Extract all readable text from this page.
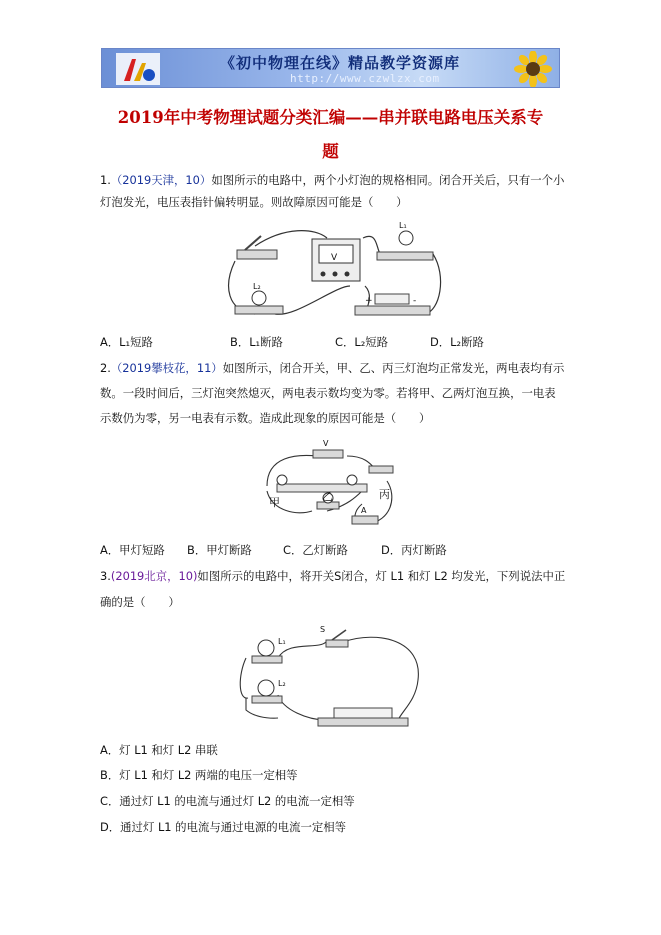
《初中物理在线》精品教学资源库
http://www.czwlzx.com
2019年中考物理试题分类汇编——串并联电路电压关系专
题
1.（2019天津，10）如图所示的电路中，两个小灯泡的规格相同。闭合开关后，只有一个小
灯泡发光，电压表指针偏转明显。则故障原因可能是（　　）
V
L₁
L₂
+	-
A．L₁短路	B．L₁断路	C．L₂短路	D．L₂断路
2.（2019攀枝花，11）如图所示，闭合开关，甲、乙、丙三灯泡均正常发光，两电表均有示
数。一段时间后，三灯泡突然熄灭，两电表示数均变为零。若将甲、乙两灯泡互换，一电表
示数仍为零，另一电表有示数。造成此现象的原因可能是（　　）
V
A
甲	乙	丙
A．甲灯短路 B．甲灯断路	C．乙灯断路	D．丙灯断路
3.(2019北京，10)如图所示的电路中，将开关S闭合，灯 L1 和灯 L2 均发光，下列说法中正
确的是（　　）
S
L₁
L₂
A．灯 L1 和灯 L2 串联
B．灯 L1 和灯 L2 两端的电压一定相等
C．通过灯 L1 的电流与通过灯 L2 的电流一定相等
D．通过灯 L1 的电流与通过电源的电流一定相等
